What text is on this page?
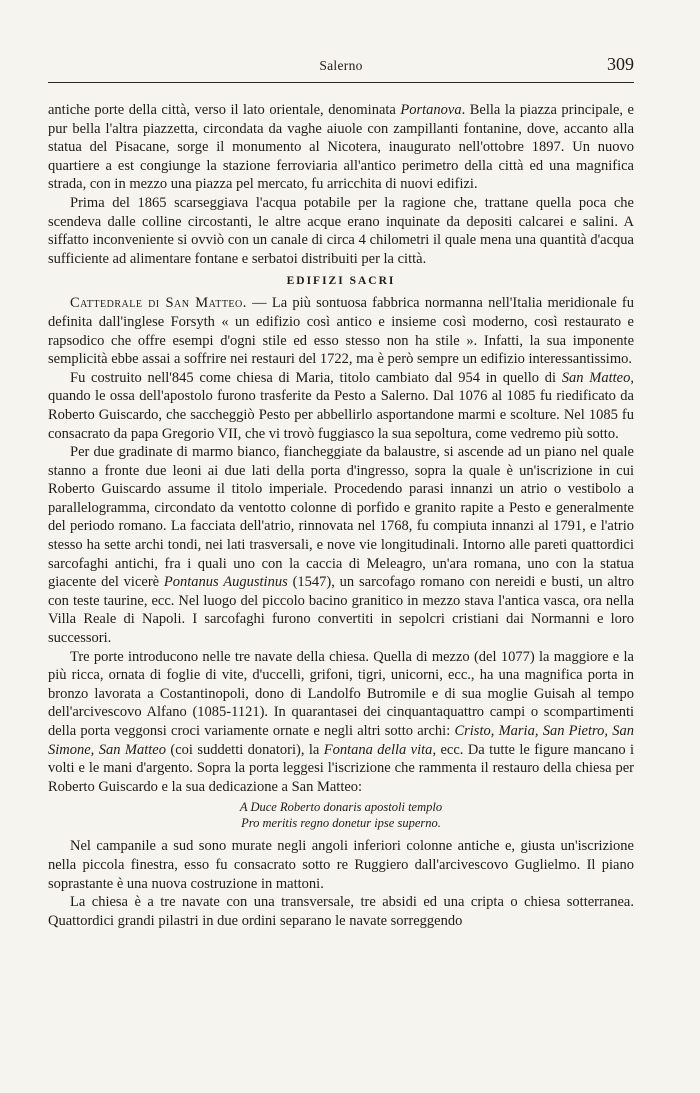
Salerno	309

antiche porte della città, verso il lato orientale, denominata Portanova. Bella la piazza principale, e pur bella l'altra piazzetta, circondata da vaghe aiuole con zampillanti fontanine, dove, accanto alla statua del Pisacane, sorge il monumento al Nicotera, inaugurato nell'ottobre 1897. Un nuovo quartiere a est congiunge la stazione ferroviaria all'antico perimetro della città ed una magnifica strada, con in mezzo una piazza pel mercato, fu arricchita di nuovi edifizi.

Prima del 1865 scarseggiava l'acqua potabile per la ragione che, trattane quella poca che scendeva dalle colline circostanti, le altre acque erano inquinate da depositi calcarei e salini. A siffatto inconveniente si ovviò con un canale di circa 4 chilometri il quale mena una quantità d'acqua sufficiente ad alimentare fontane e serbatoi distribuiti per la città.

EDIFIZI SACRI

Cattedrale di San Matteo. — La più sontuosa fabbrica normanna nell'Italia meridionale fu definita dall'inglese Forsyth « un edifizio così antico e insieme così moderno, così restaurato e rapsodico che offre esempi d'ogni stile ed esso stesso non ha stile ». Infatti, la sua imponente semplicità ebbe assai a soffrire nei restauri del 1722, ma è però sempre un edifizio interessantissimo.

Fu costruito nell'845 come chiesa di Maria, titolo cambiato dal 954 in quello di San Matteo, quando le ossa dell'apostolo furono trasferite da Pesto a Salerno. Dal 1076 al 1085 fu riedificato da Roberto Guiscardo, che saccheggiò Pesto per abbellirlo asportandone marmi e scolture. Nel 1085 fu consacrato da papa Gregorio VII, che vi trovò fuggiasco la sua sepoltura, come vedremo più sotto.

Per due gradinate di marmo bianco, fiancheggiate da balaustre, si ascende ad un piano nel quale stanno a fronte due leoni ai due lati della porta d'ingresso, sopra la quale è un'iscrizione in cui Roberto Guiscardo assume il titolo imperiale. Procedendo parasi innanzi un atrio o vestibolo a parallelogramma, circondato da ventotto colonne di porfido e granito rapite a Pesto e generalmente del periodo romano. La facciata dell'atrio, rinnovata nel 1768, fu compiuta innanzi al 1791, e l'atrio stesso ha sette archi tondi, nei lati trasversali, e nove vie longitudinali. Intorno alle pareti quattordici sarcofaghi antichi, fra i quali uno con la caccia di Meleagro, un'ara romana, uno con la statua giacente del vicerè Pontanus Augustinus (1547), un sarcofago romano con nereidi e busti, un altro con teste taurine, ecc. Nel luogo del piccolo bacino granitico in mezzo stava l'antica vasca, ora nella Villa Reale di Napoli. I sarcofaghi furono convertiti in sepolcri cristiani dai Normanni e loro successori.

Tre porte introducono nelle tre navate della chiesa. Quella di mezzo (del 1077) la maggiore e la più ricca, ornata di foglie di vite, d'uccelli, grifoni, tigri, unicorni, ecc., ha una magnifica porta in bronzo lavorata a Costantinopoli, dono di Landolfo Butromile e di sua moglie Guisah al tempo dell'arcivescovo Alfano (1085-1121). In quarantasei dei cinquantaquattro campi o scompartimenti della porta veggonsi croci variamente ornate e negli altri sotto archi: Cristo, Maria, San Pietro, San Simone, San Matteo (coi suddetti donatori), la Fontana della vita, ecc. Da tutte le figure mancano i volti e le mani d'argento. Sopra la porta leggesi l'iscrizione che rammenta il restauro della chiesa per Roberto Guiscardo e la sua dedicazione a San Matteo:

A Duce Roberto donaris apostoli templo
Pro meritis regno donetur ipse superno.

Nel campanile a sud sono murate negli angoli inferiori colonne antiche e, giusta un'iscrizione nella piccola finestra, esso fu consacrato sotto re Ruggiero dall'arcivescovo Guglielmo. Il piano soprastante è una nuova costruzione in mattoni.

La chiesa è a tre navate con una transversale, tre absidi ed una cripta o chiesa sotterranea. Quattordici grandi pilastri in due ordini separano le navate sorreggendo
